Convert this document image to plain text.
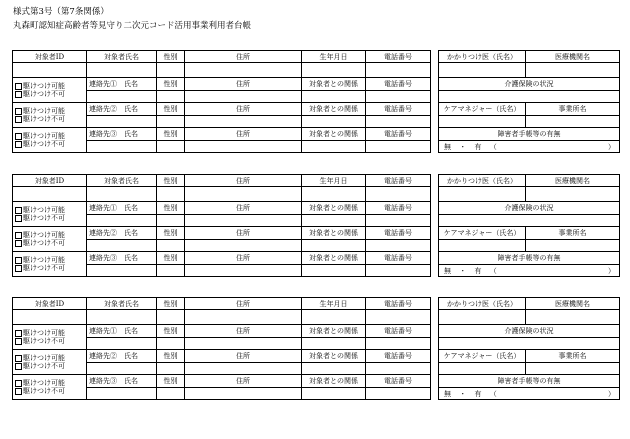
様式第3号（第7条関係）
丸森町認知症高齢者等見守り二次元コード活用事業利用者台帳
対象者ID	対象者氏名	性別	住所	生年月日	電話番号

駆けつけ可能
駆けつけ不可	連絡先①　氏名	性別	住所	対象者との関係	電話番号

駆けつけ可能
駆けつけ不可	連絡先②　氏名	性別	住所	対象者との関係	電話番号

駆けつけ可能
駆けつけ不可	連絡先③　氏名	性別	住所	対象者との関係	電話番号

かかりつけ医（氏名）	医療機関名

介護保険の状況	

ケアマネジャー（氏名）	事業所名

障害者手帳等の有無	
無 ・ 有 （ ）	
対象者ID	対象者氏名	性別	住所	生年月日	電話番号

駆けつけ可能
駆けつけ不可	連絡先①　氏名	性別	住所	対象者との関係	電話番号

駆けつけ可能
駆けつけ不可	連絡先②　氏名	性別	住所	対象者との関係	電話番号

駆けつけ可能
駆けつけ不可	連絡先③　氏名	性別	住所	対象者との関係	電話番号

かかりつけ医（氏名）	医療機関名

介護保険の状況	

ケアマネジャー（氏名）	事業所名

障害者手帳等の有無	
無 ・ 有 （ ）	
対象者ID	対象者氏名	性別	住所	生年月日	電話番号

駆けつけ可能
駆けつけ不可	連絡先①　氏名	性別	住所	対象者との関係	電話番号

駆けつけ可能
駆けつけ不可	連絡先②　氏名	性別	住所	対象者との関係	電話番号

駆けつけ可能
駆けつけ不可	連絡先③　氏名	性別	住所	対象者との関係	電話番号

かかりつけ医（氏名）	医療機関名

介護保険の状況	

ケアマネジャー（氏名）	事業所名

障害者手帳等の有無	
無 ・ 有 （ ）	
